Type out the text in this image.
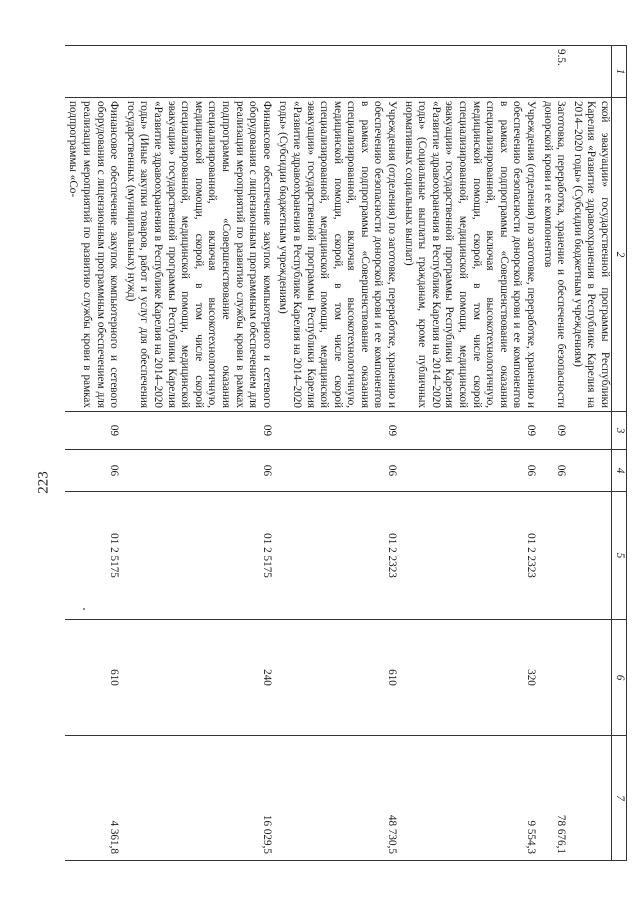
223
1	2	3	4	5	6	7
	ской эвакуации» государственной программы Республики Карелия «Развитие здравоохранения в Республике Карелия на 2014–2020 годы» (Субсидии бюджетным учреждениям)					
9.5.	Заготовка, переработка, хранение и обеспечение безопасности донорской крови и ее компонентов	09	06			78 676,1
	Учреждения (отделения) по заготовке, переработке, хранению и обеспечению безопасности донорской крови и ее компонентов в рамках подпрограммы «Совершенствование оказания специализированной, включая высокотехнологичную, медицинской помощи, скорой, в том числе скорой специализированной, медицинской помощи, медицинской эвакуации» государственной программы Республики Карелия «Развитие здравоохранения в Республике Карелия на 2014–2020 годы» (Социальные выплаты гражданам, кроме публичных нормативных социальных выплат)	09	06	01 2 2323	320	9 554,3
	Учреждения (отделения) по заготовке, переработке, хранению и обеспечению безопасности донорской крови и ее компонентов в рамках подпрограммы «Совершенствование оказания специализированной, включая высокотехнологичную, медицинской помощи, скорой, в том числе скорой специализированной, медицинской помощи, медицинской эвакуации» государственной программы Республики Карелия «Развитие здравоохранения в Республике Карелия на 2014–2020 годы» (Субсидии бюджетным учреждениям)	09	06	01 2 2323	610	48 730,5
	Финансовое обеспечение закупок компьютерного и сетевого оборудования с лицензионным программным обеспечением для реализации мероприятий по развитию службы крови в рамках подпрограммы «Совершенствование оказания специализированной, включая высокотехнологичную, медицинской помощи, скорой, в том числе скорой специализированной, медицинской помощи, медицинской эвакуации» государственной программы Республики Карелия «Развитие здравоохранения в Республике Карелия на 2014–2020 годы» (Иные закупки товаров, работ и услуг для обеспечения государственных (муниципальных) нужд)	09	06	01 2 5175	240	16 029,5
	Финансовое обеспечение закупок компьютерного и сетевого оборудования с лицензионным программным обеспечением для реализации мероприятий по развитию службы крови в рамках подпрограммы «Со-	09	06	01 2 5175	610	4 361,8
